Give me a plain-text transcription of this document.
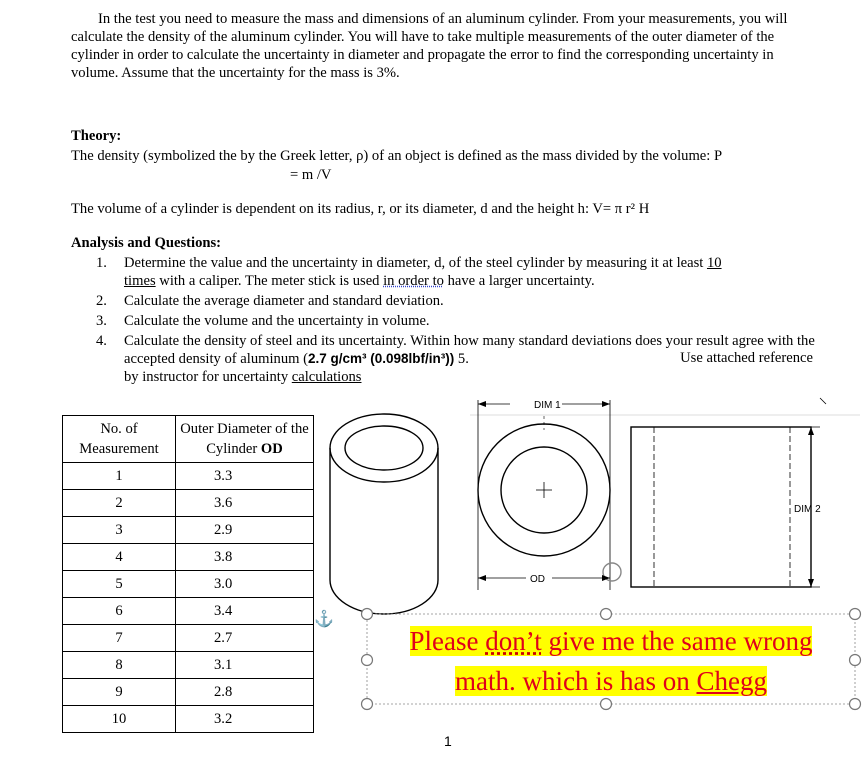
In the test you need to measure the mass and dimensions of an aluminum cylinder. From your measurements, you will calculate the density of the aluminum cylinder. You will have to take multiple measurements of the outer diameter of the cylinder in order to calculate the uncertainty in diameter and propagate the error to find the corresponding uncertainty in volume. Assume that the uncertainty for the mass is 3%.

Theory:

The density (symbolized the by the Greek letter, ρ) of an object is defined as the mass divided by the volume: P

= m /V

The volume of a cylinder is dependent on its radius, r, or its diameter, d and the height h: V= π r² H

Analysis and Questions:

1. Determine the value and the uncertainty in diameter, d, of the steel cylinder by measuring it at least 10
times with a caliper. The meter stick is used in order to have a larger uncertainty.
2. Calculate the average diameter and standard deviation.
3. Calculate the volume and the uncertainty in volume.
4. Calculate the density of steel and its uncertainty. Within how many standard deviations does your result agree with the accepted density of aluminum (2.7 g/cm³ (0.098lbf/in³)) 5.	Use attached reference

by instructor for uncertainty calculations
No. of Measurement	Outer Diameter of the Cylinder OD
1	3.3
2	3.6
3	2.9
4	3.8
5	3.0
6	3.4
7	2.7
8	3.1
9	2.8
10	3.2
DIM 1
OD
DIM 2
⚓
Please don’t give me the same wrong math. which is has on Chegg
1
